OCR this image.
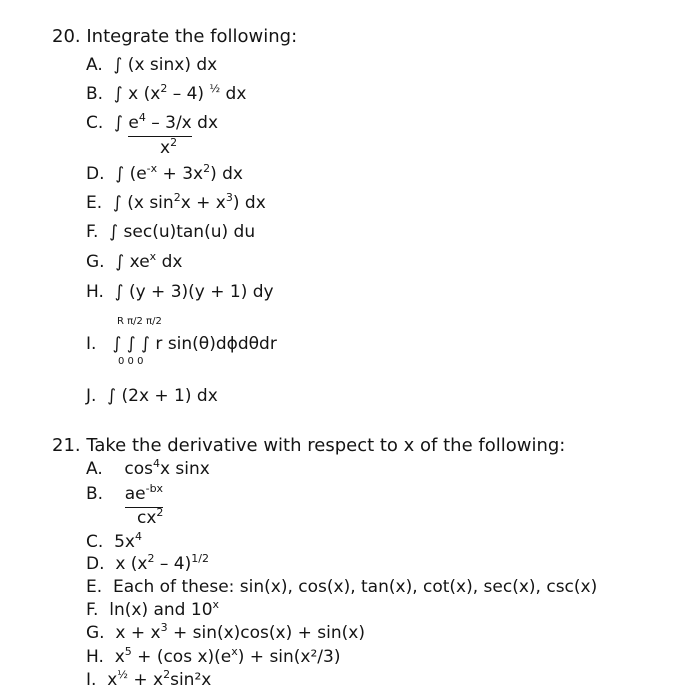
20. Integrate the following:
A. ∫ (x sinx) dx
B. ∫ x $(x^2 - 4)$ $^{\frac{1}{2}}$ dx
C. ∫ $e^4 - 3/x$ dx
$x^2$
D. ∫ $(e^{-x} + 3x^2)$ dx
E. ∫ (x $\sin^2x + x^3$) dx
F. ∫ sec(u)tan(u) du
G. ∫ $xe^x$ dx
H. ∫ (y + 3)(y + 1) dy
R π/2 π/2
I. ∫ ∫ ∫ r sin(θ)dϕdθdr
0 0 0
J. ∫ (2x + 1) dx
21. Take the derivative with respect to x of the following:
A. $\cos^4x$ sinx
B. $ae^{-bx}$
$cx^2$
C. $5x^4$
D. x $(x^2 - 4)^{1/2}$
E. Each of these: sin(x), cos(x), tan(x), cot(x), sec(x), csc(x)
F. ln(x) and 10$^x$
G. $x + x^3 + \sin(x)\cos(x) + \sin(x)$
H. $x^5 + (\cos$ $x)(e^x) + \sin(x^2/3)$
I. $x^{\frac{1}{2}} + x^2\sin^2x$
